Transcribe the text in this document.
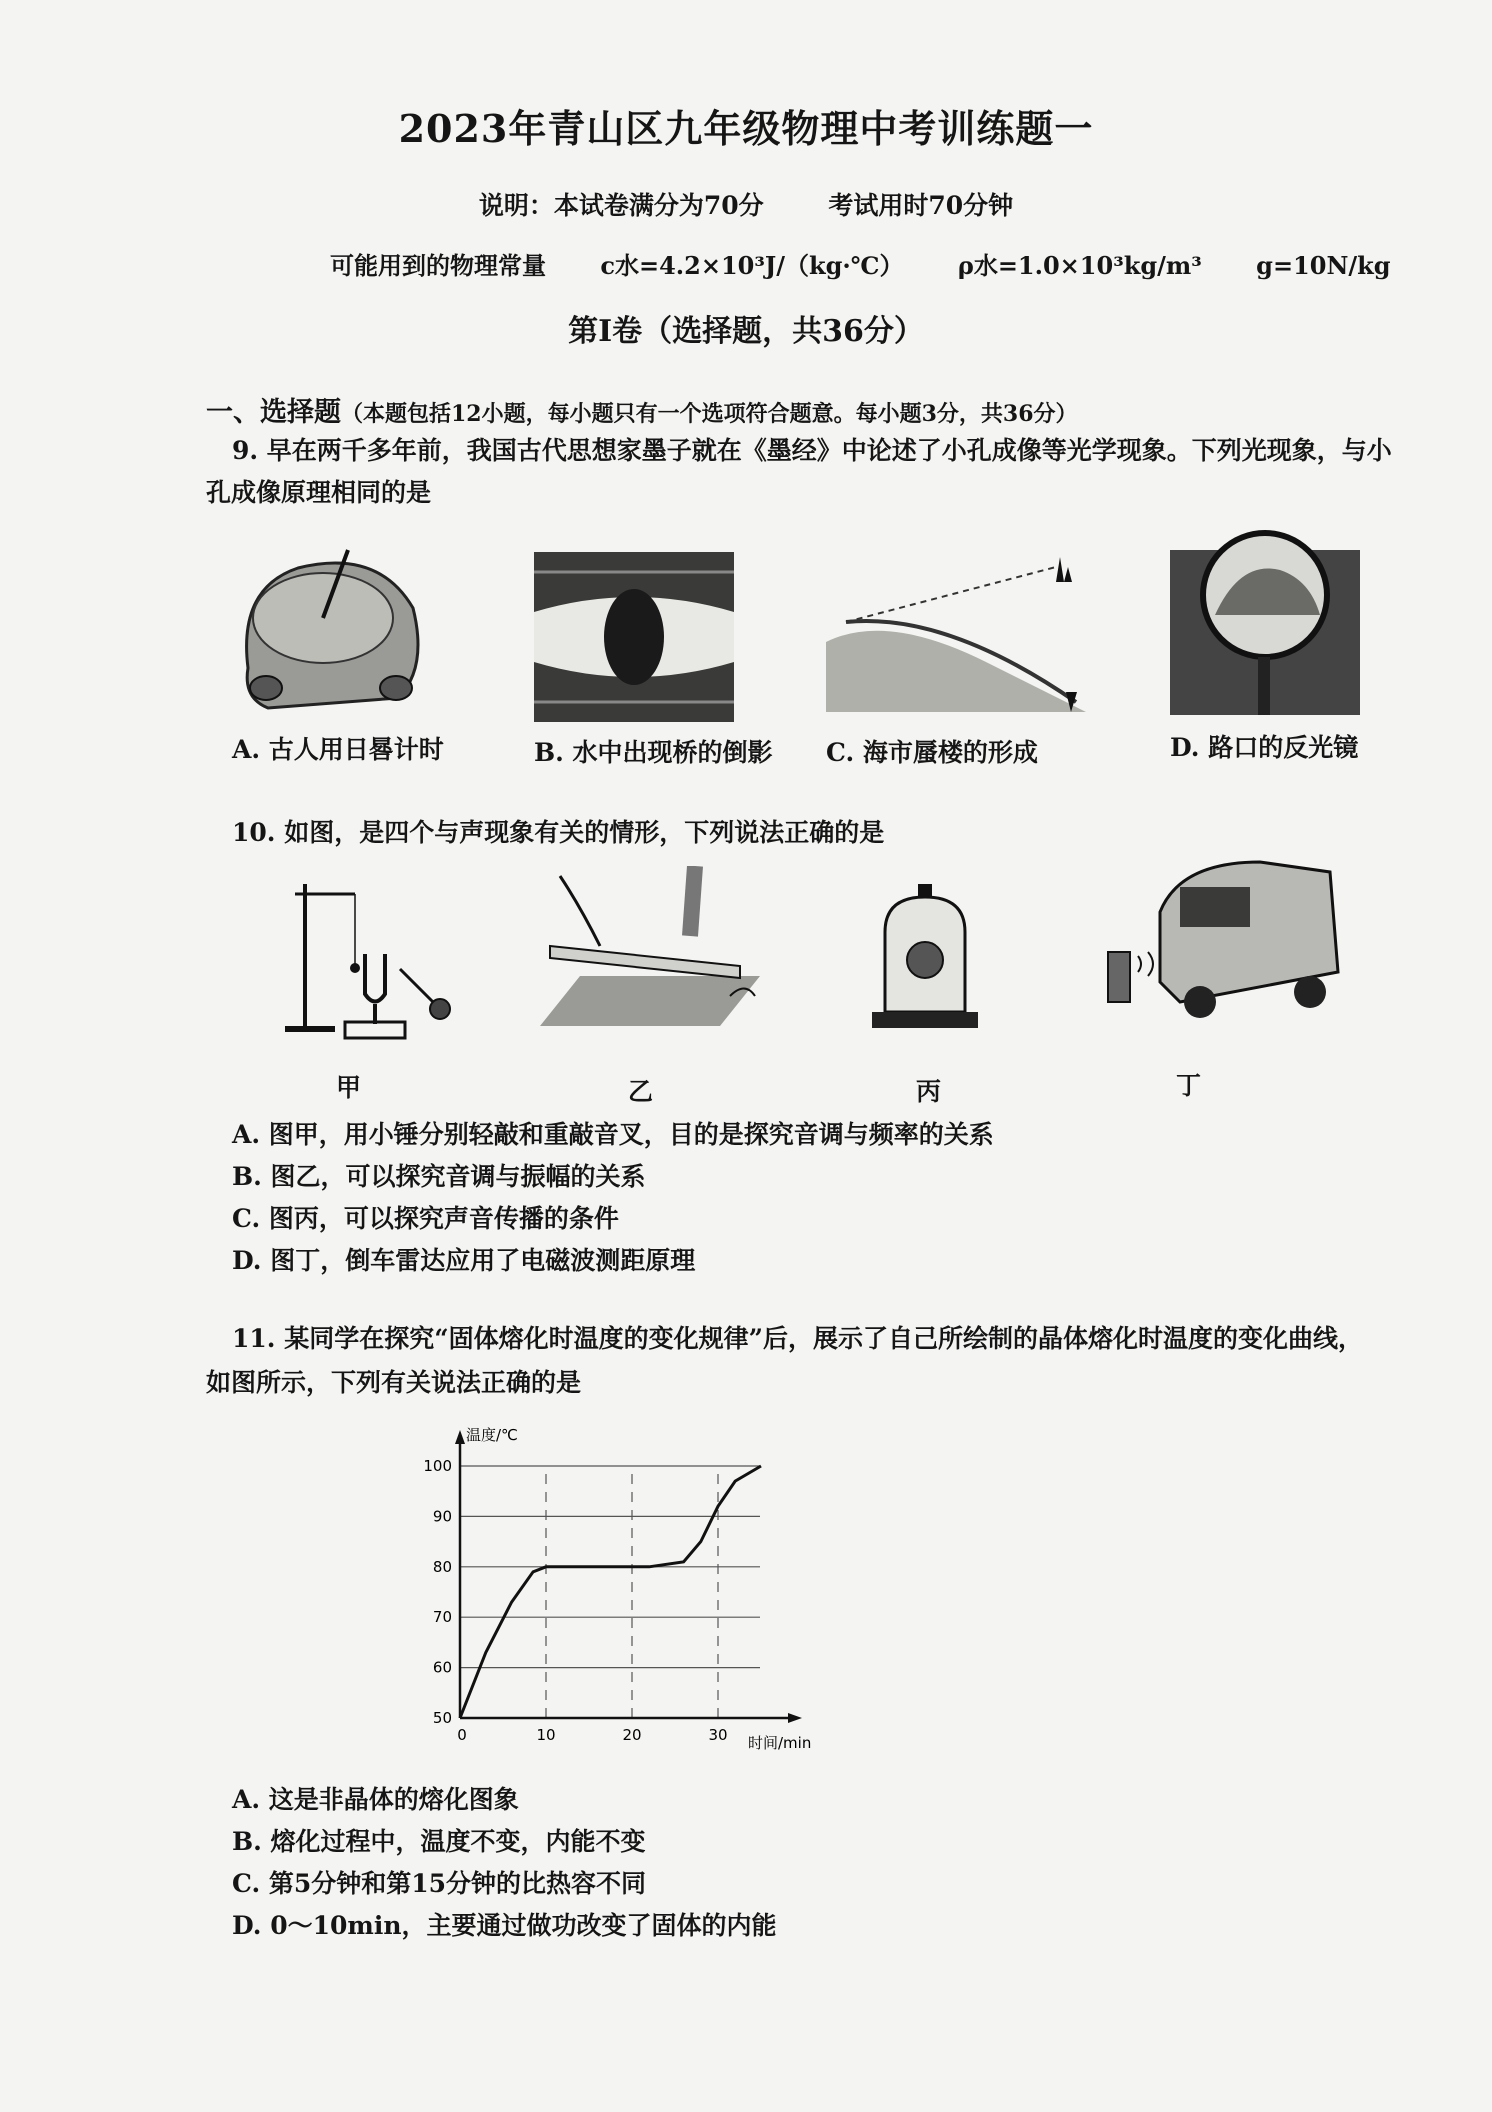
2023年青山区九年级物理中考训练题一
说明：本试卷满分为70分	考试用时70分钟
可能用到的物理常量 c水=4.2×10³J/（kg·℃） ρ水=1.0×10³kg/m³ g=10N/kg
第Ⅰ卷（选择题，共36分）
一、选择题（本题包括12小题，每小题只有一个选项符合题意。每小题3分，共36分）
9. 早在两千多年前，我国古代思想家墨子就在《墨经》中论述了小孔成像等光学现象。下列光现象，与小
孔成像原理相同的是
A. 古人用日晷计时	B. 水中出现桥的倒影 C. 海市蜃楼的形成	D. 路口的反光镜
10. 如图，是四个与声现象有关的情形，下列说法正确的是
甲	乙	丙	丁
A. 图甲，用小锤分别轻敲和重敲音叉，目的是探究音调与频率的关系
B. 图乙，可以探究音调与振幅的关系
C. 图丙，可以探究声音传播的条件
D. 图丁，倒车雷达应用了电磁波测距原理
11. 某同学在探究“固体熔化时温度的变化规律”后，展示了自己所绘制的晶体熔化时温度的变化曲线，
如图所示，下列有关说法正确的是
温度/℃
时间/min
50
60
70
80
90
100
0	10	20	30
A. 这是非晶体的熔化图象
B. 熔化过程中，温度不变，内能不变
C. 第5分钟和第15分钟的比热容不同
D. 0～10min，主要通过做功改变了固体的内能
